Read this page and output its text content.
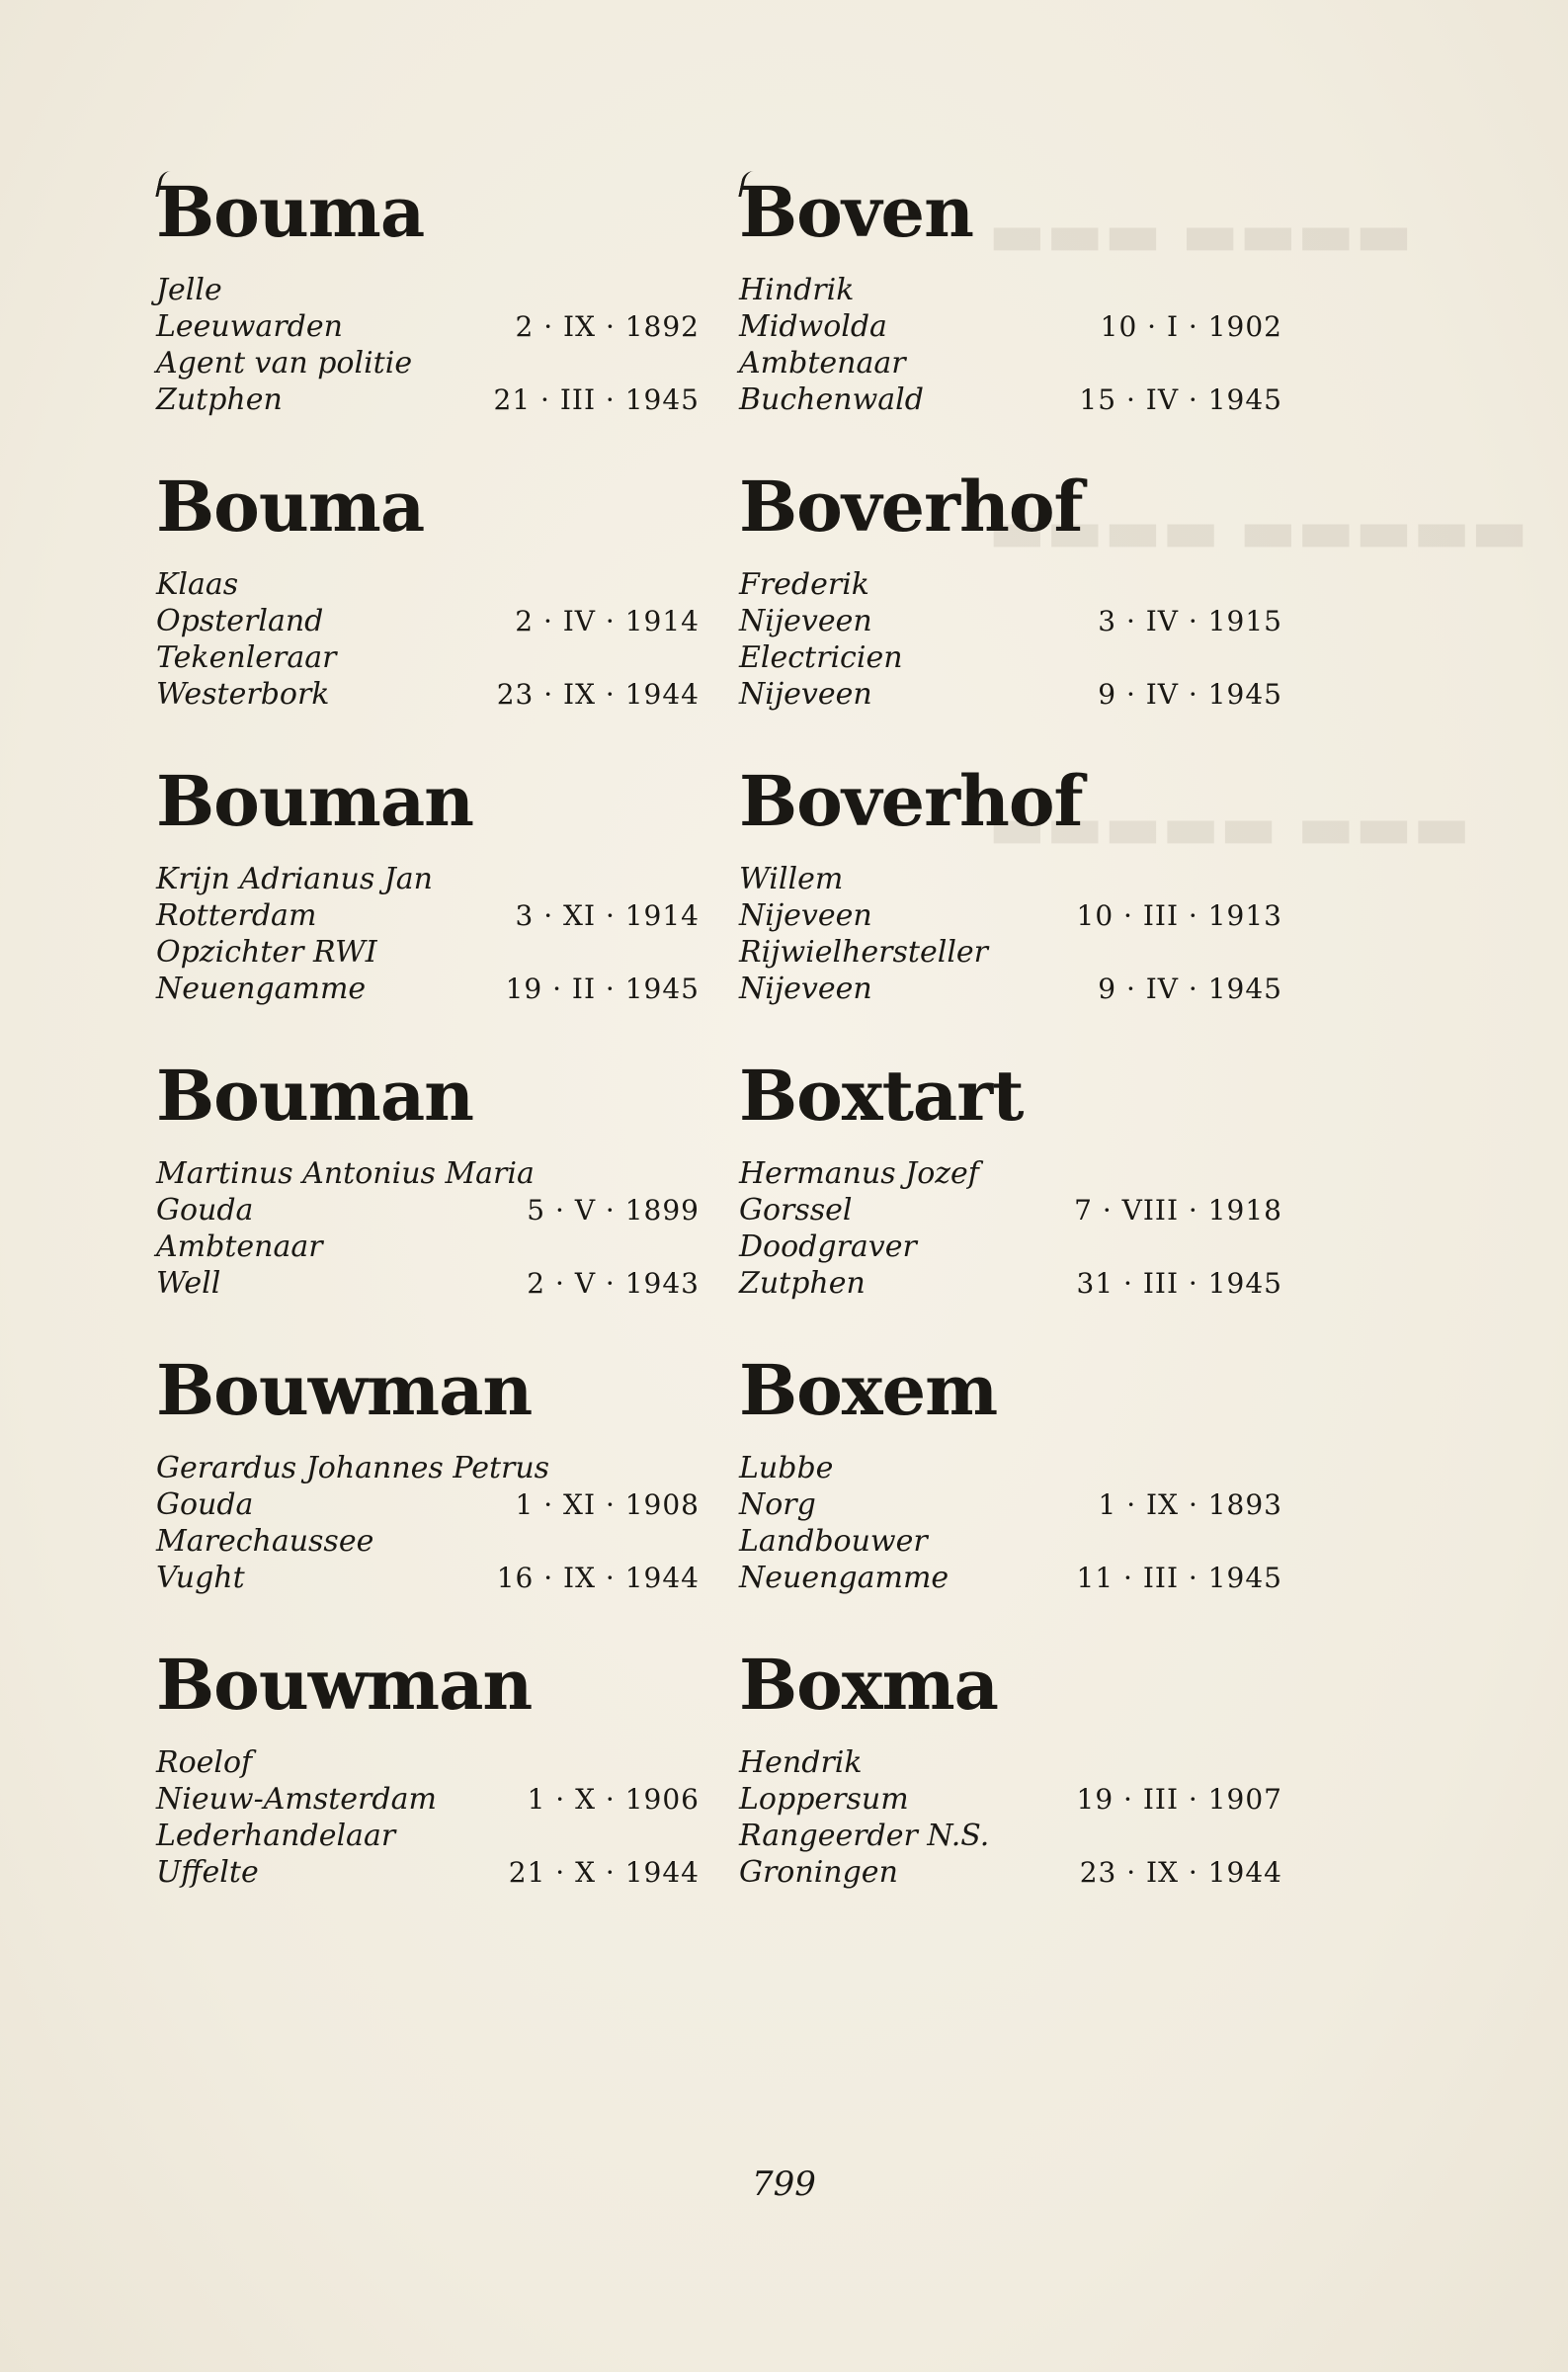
▬▬▬▬ ▬▬▬
▬▬▬▬▬ ▬▬▬▬
▬▬▬ ▬▬▬▬▬
Bouma
Jelle
Leeuwarden	2 · IX · 1892
Agent van politie
Zutphen	21 · III · 1945
Bouma
Klaas
Opsterland	2 · IV · 1914
Tekenleraar
Westerbork	23 · IX · 1944
Bouman
Krijn Adrianus Jan
Rotterdam	3 · XI · 1914
Opzichter RWI
Neuengamme	19 · II · 1945
Bouman
Martinus Antonius Maria
Gouda	5 · V · 1899
Ambtenaar
Well	2 · V · 1943
Bouwman
Gerardus Johannes Petrus
Gouda	1 · XI · 1908
Marechaussee
Vught	16 · IX · 1944
Bouwman
Roelof
Nieuw-Amsterdam	1 · X · 1906
Lederhandelaar
Uffelte	21 · X · 1944
Boven
Hindrik
Midwolda	10 · I · 1902
Ambtenaar
Buchenwald	15 · IV · 1945
Boverhof
Frederik
Nijeveen	3 · IV · 1915
Electricien
Nijeveen	9 · IV · 1945
Boverhof
Willem
Nijeveen	10 · III · 1913
Rijwielhersteller
Nijeveen	9 · IV · 1945
Boxtart
Hermanus Jozef
Gorssel	7 · VIII · 1918
Doodgraver
Zutphen	31 · III · 1945
Boxem
Lubbe
Norg	1 · IX · 1893
Landbouwer
Neuengamme	11 · III · 1945
Boxma
Hendrik
Loppersum	19 · III · 1907
Rangeerder N.S.
Groningen	23 · IX · 1944
799
